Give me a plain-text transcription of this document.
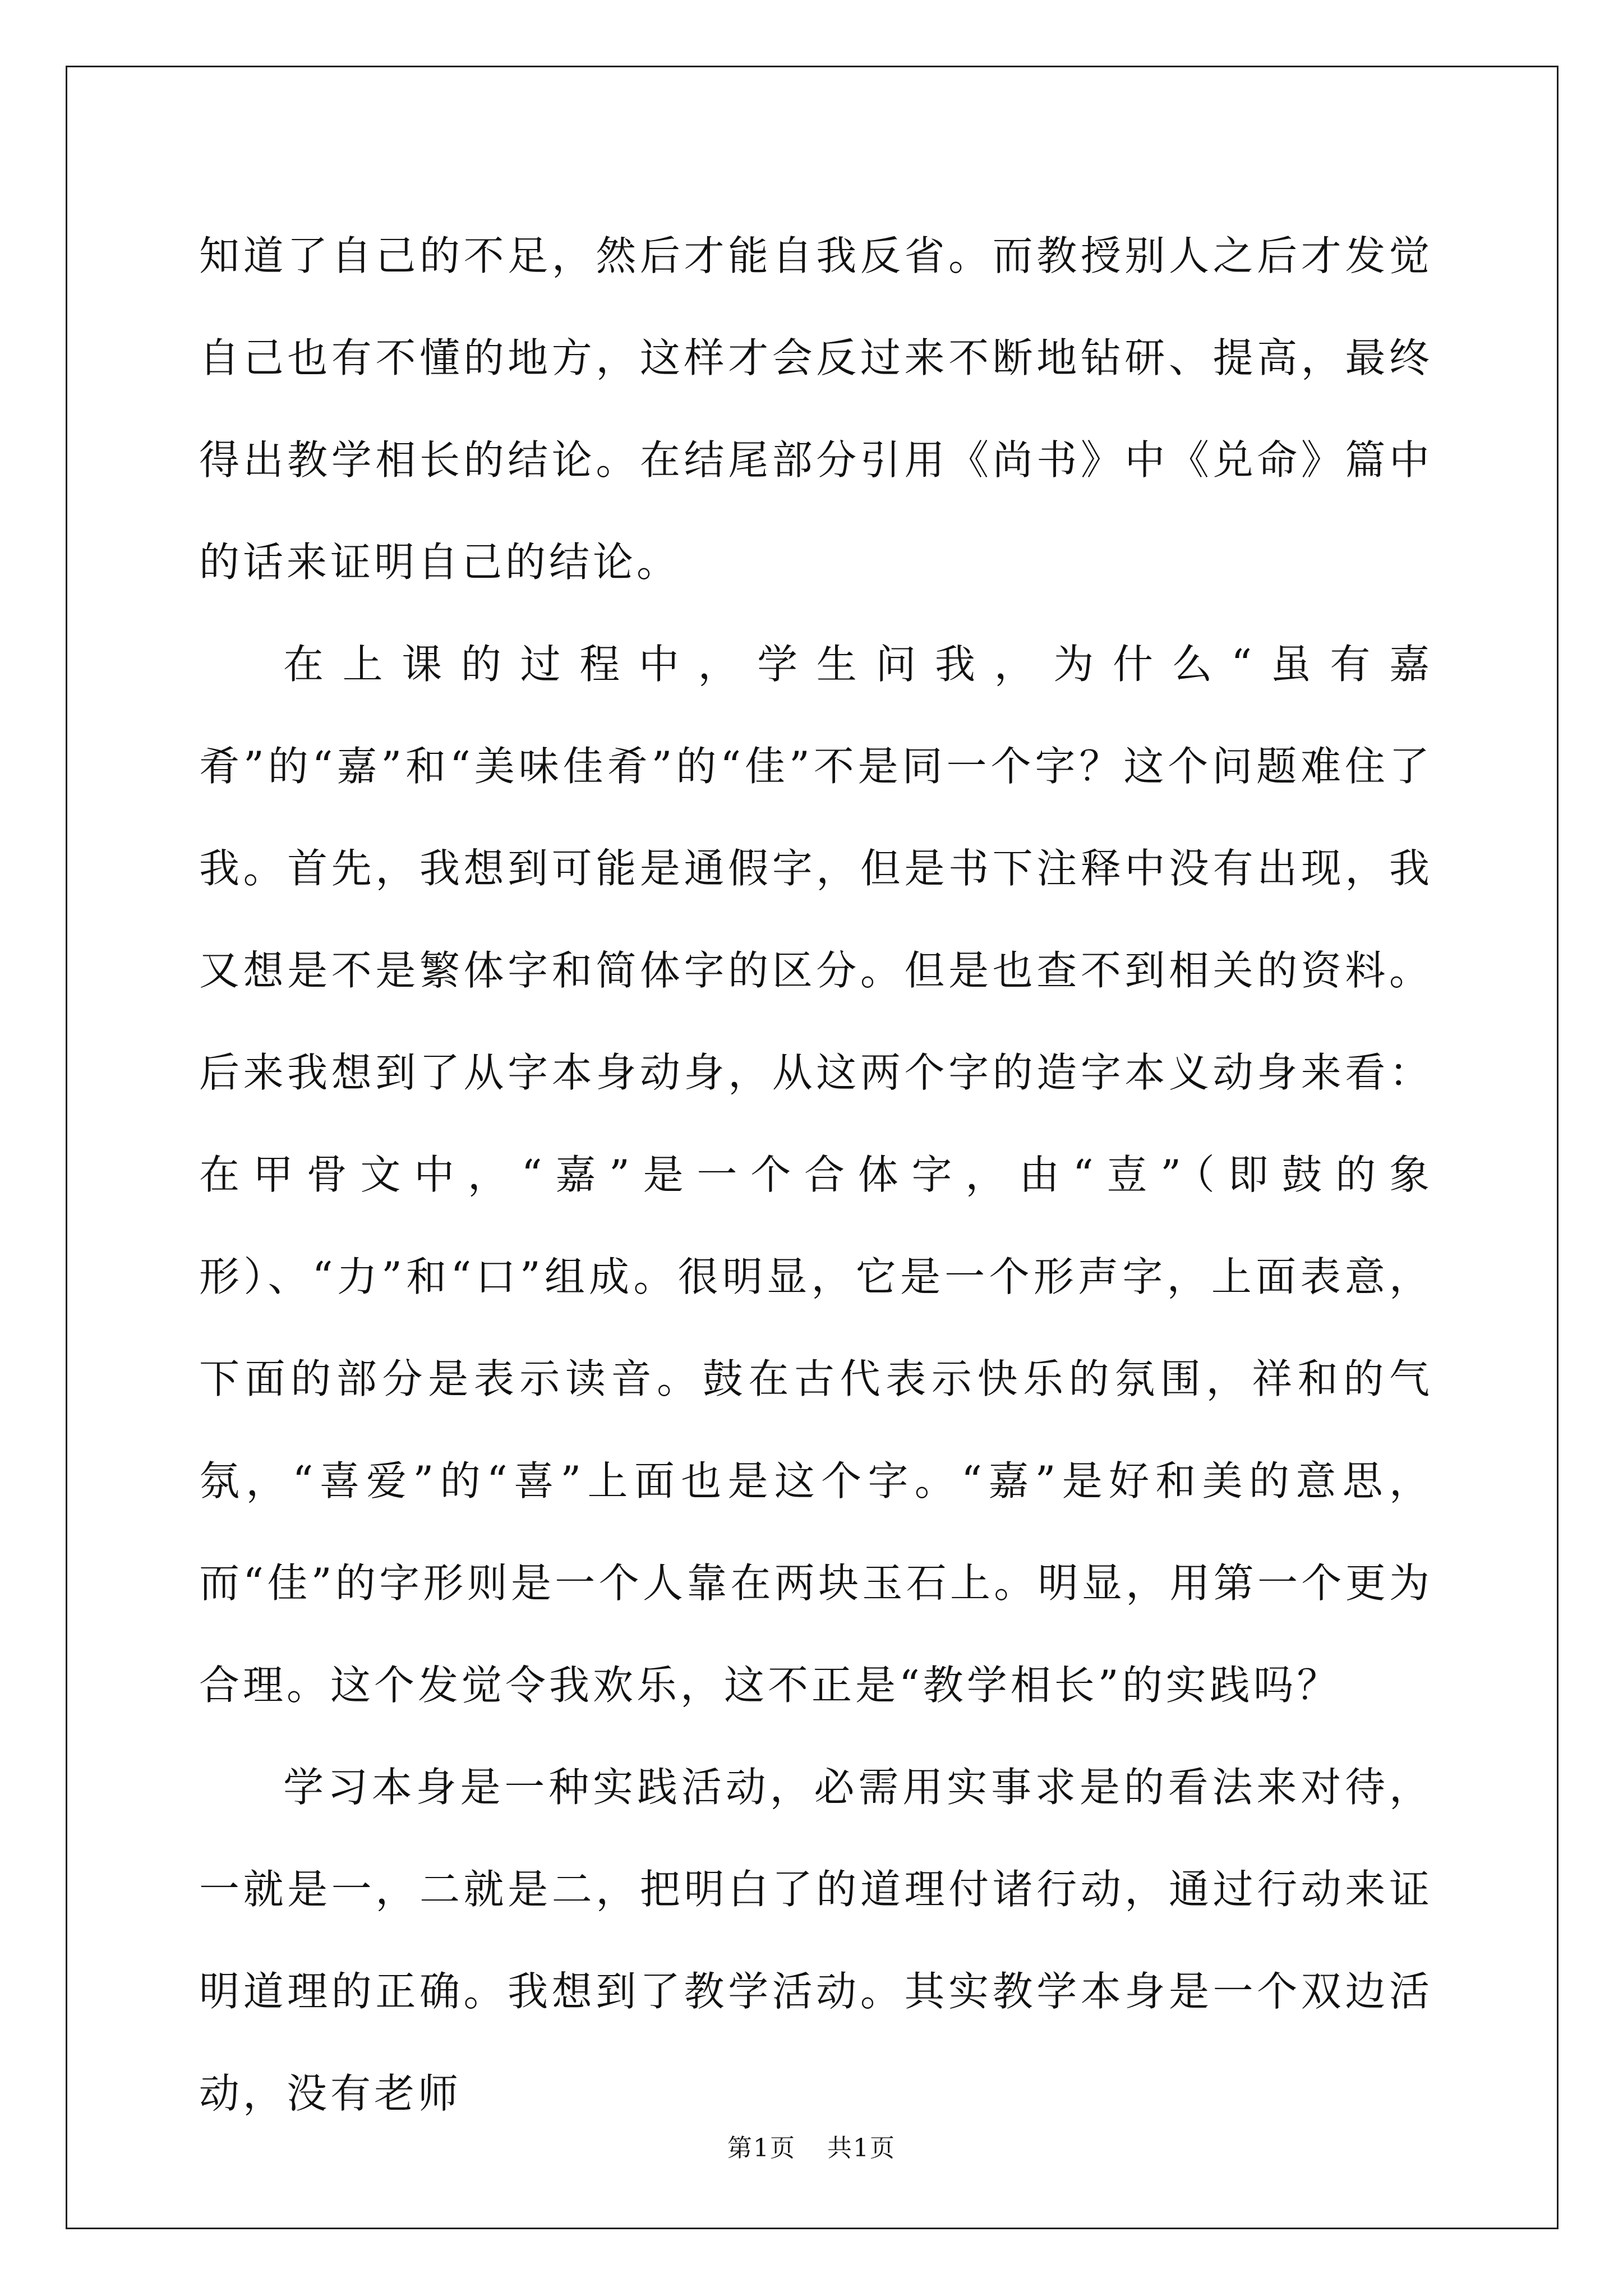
知道了自己的不足，然后才能自我反省。而教授别人之后才发觉自己也有不懂的地方，这样才会反过来不断地钻研、提高，最终得出教学相长的结论。在结尾部分引用《尚书》中《兑命》篇中的话来证明自己的结论。

在上课的过程中，学生问我，为什么“虽有嘉肴”的“嘉”和“美味佳肴”的“佳”不是同一个字？这个问题难住了我。首先，我想到可能是通假字，但是书下注释中没有出现，我又想是不是繁体字和简体字的区分。但是也查不到相关的资料。后来我想到了从字本身动身，从这两个字的造字本义动身来看：在甲骨文中，“嘉”是一个合体字，由“壴”（即鼓的象形）、“力”和“口”组成。很明显，它是一个形声字，上面表意，下面的部分是表示读音。鼓在古代表示快乐的氛围，祥和的气氛，“喜爱”的“喜”上面也是这个字。“嘉”是好和美的意思，而“佳”的字形则是一个人靠在两块玉石上。明显，用第一个更为合理。这个发觉令我欢乐，这不正是“教学相长”的实践吗？

学习本身是一种实践活动，必需用实事求是的看法来对待，一就是一，二就是二，把明白了的道理付诸行动，通过行动来证明道理的正确。我想到了教学活动。其实教学本身是一个双边活动，没有老师

第1页 共1页
